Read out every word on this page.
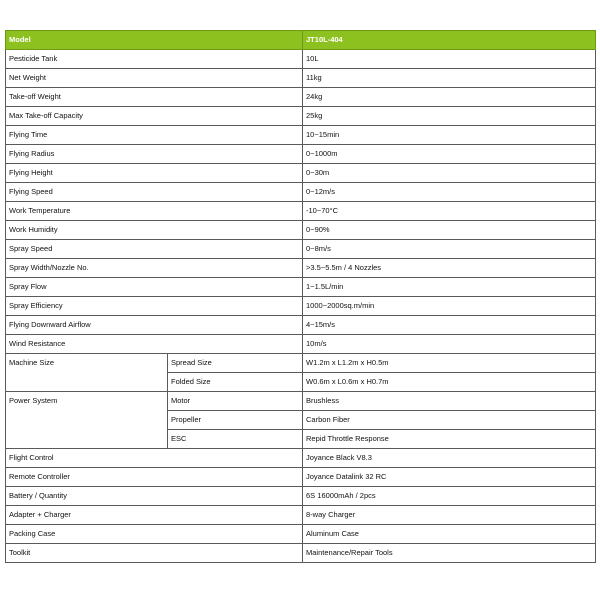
Model		JT10L-404
Pesticide Tank		10L
Net Weight		11kg
Take-off Weight		24kg
Max Take-off Capacity		25kg
Flying Time		10~15min
Flying Radius		0~1000m
Flying Height		0~30m
Flying Speed		0~12m/s
Work Temperature		-10~70°C
Work Humidity		0~90%
Spray Speed		0~8m/s
Spray Width/Nozzle No.		>3.5~5.5m / 4 Nozzles
Spray Flow		1~1.5L/min
Spray Efficiency		1000~2000sq.m/min
Flying Downward Airflow		4~15m/s
Wind Resistance		10m/s
Machine Size	Spread Size	W1.2m x L1.2m x H0.5m
	Folded Size	W0.6m x L0.6m x H0.7m
Power System	Motor	Brushless
	Propeller	Carbon Fiber
	ESC	Repid Throttle Response
Flight Control		Joyance Black V8.3
Remote Controller		Joyance Datalink 32 RC
Battery / Quantity		6S 16000mAh / 2pcs
Adapter + Charger		8-way Charger
Packing Case		Aluminum Case
Toolkit		Maintenance/Repair Tools
